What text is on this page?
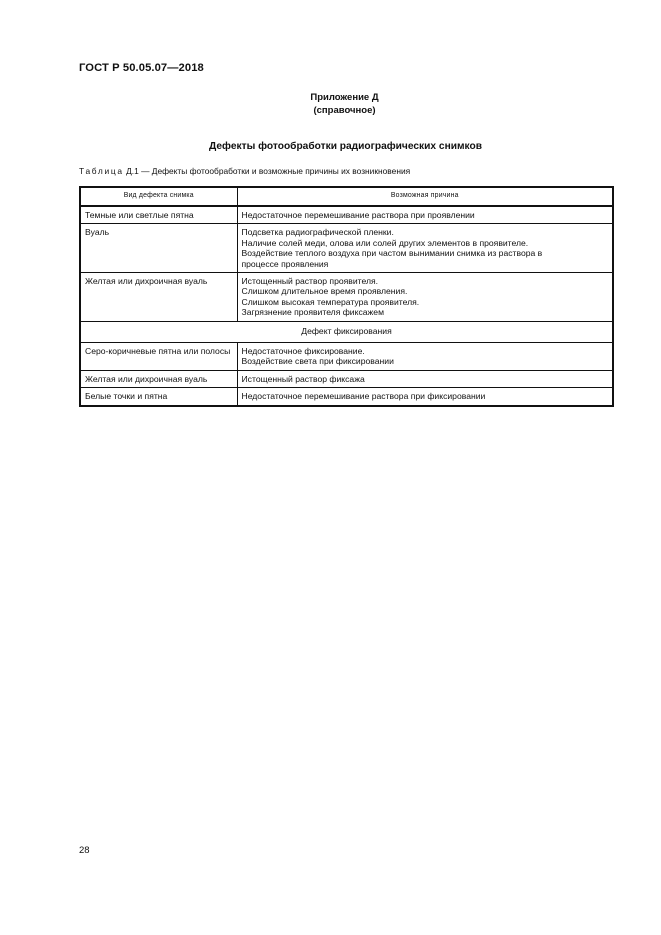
ГОСТ Р 50.05.07—2018
Приложение Д
(справочное)
Дефекты фотообработки радиографических снимков
Таблица Д.1 — Дефекты фотообработки и возможные причины их возникновения
Вид дефекта снимка	Возможная причина
Темные или светлые пятна	Недостаточное перемешивание раствора при проявлении

Вуаль	Подсветка радиографической пленки.
Наличие солей меди, олова или солей других элементов в проявителе.
Воздействие теплого воздуха при частом вынимании снимка из раствора в
процессе проявления

Желтая или дихроичная вуаль	Истощенный раствор проявителя.
Слишком длительное время проявления.
Слишком высокая температура проявителя.
Загрязнение проявителя фиксажем

Дефект фиксирования	
Серо-коричневые пятна или полосы	Недостаточное фиксирование.
Воздействие света при фиксировании

Желтая или дихроичная вуаль	Истощенный раствор фиксажа

Белые точки и пятна	Недостаточное перемешивание раствора при фиксировании
28
